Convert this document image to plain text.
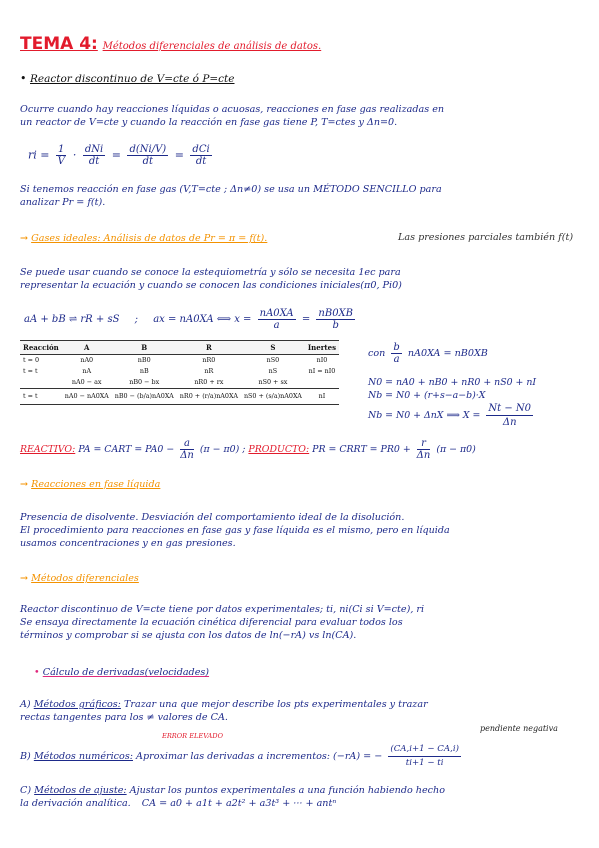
TEMA 4: Métodos diferenciales de análisis de datos.
• Reactor discontinuo de V=cte ó P=cte
Ocurre cuando hay reacciones líquidas o acuosas, reacciones en fase gas realizadas en
un reactor de V=cte y cuando la reacción en fase gas tiene P, T=ctes y Δn=0.
ri = $\frac{1}{V} \cdot \frac{\text{dNi}}{dt} = \frac{d(Ni/V)}{dt} = \frac{\text{dCi}}{dt}$
Si tenemos reacción en fase gas (V,T=cte ; Δn≠0) se usa un MÉTODO SENCILLO para
analizar Pr = f(t).
→ Gases ideales: Análisis de datos de Pr = π = f(t).	Las presiones parciales también f(t)
Se puede usar cuando se conoce la estequiometría y sólo se necesita 1ec para
representar la ecuación y cuando se conocen las condiciones iniciales(π0, Pi0)
aA + bB ⇌ rR + sS ; ax = nA0XA ⟺ $x = \frac{nA0XA}{a} = \frac{nB0XB}{b}$
Reacción	A	B	R	S	Inertes
t = 0	nA0	nB0	nR0	nS0	nI0
t = t	nA	nB	nR	nS	nI = nI0
	nA0 − ax	nB0 − bx	nR0 + rx	nS0 + sx	
t = t	nA0 − nA0XA	nB0 − (b/a)nA0XA	nR0 + (r/a)nA0XA	nS0 + (s/a)nA0XA	nI
con $\frac{b}{a} nA0XA = nB0XB$
N0 = nA0 + nB0 + nR0 + nS0 + nI
Nb = N0 + (r+s−a−b)·X
Nb = N0 + ΔnX ⟹ $X = \frac{Nt - N0}{\Delta n}$
REACTIVO: PA = CART = $PA0 - \frac{a}{\Delta n} (\pi - \pi 0)$ ; PRODUCTO: PR = CRRT = $PR0 + \frac{r}{\Delta n} (\pi - \pi 0)$
→ Reacciones en fase líquida
Presencia de disolvente. Desviación del comportamiento ideal de la disolución.
El procedimiento para reacciones en fase gas y fase líquida es el mismo, pero en líquida
usamos concentraciones y en gas presiones.
→ Métodos diferenciales
Reactor discontinuo de V=cte tiene por datos experimentales; ti, ni(Ci si V=cte), ri
Se ensaya directamente la ecuación cinética diferencial para evaluar todos los
términos y comprobar si se ajusta con los datos de ln(−rA) vs ln(CA).
• Cálculo de derivadas(velocidades)
A) Métodos gráficos: Trazar una que mejor describe los pts experimentales y trazar
rectas tangentes para los ≠ valores de CA.
ERROR ELEVADO
pendiente negativa
B) Métodos numéricos: Aproximar las derivadas a incrementos: (−rA) = − $\frac{(CA,i+1 - CA,i)}{ti+1 - ti}$
C) Métodos de ajuste: Ajustar los puntos experimentales a una función habiendo hecho
la derivación analítica. CA = a0 + a1t + a2t² + a3t³ + ··· + antⁿ
